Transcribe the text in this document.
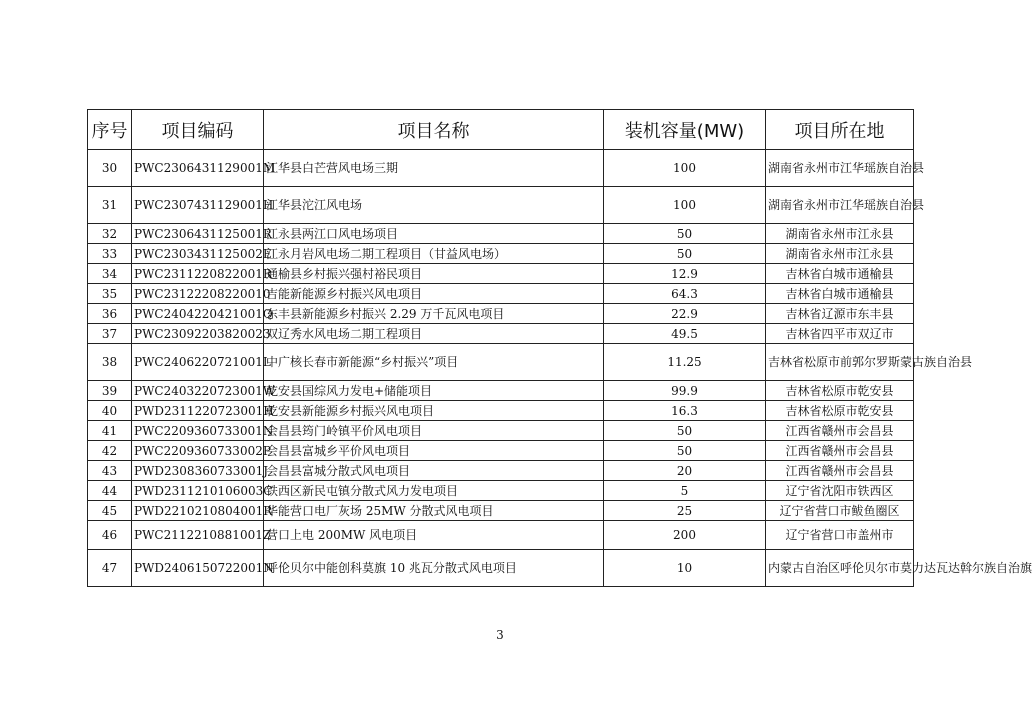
序号	项目编码	项目名称	装机容量(MW)	项目所在地
30	PWC2306431129001M	江华县白芒营风电场三期	100	湖南省永州市江华瑶族自治县
31	PWC2307431129001H	江华县沱江风电场	100	湖南省永州市江华瑶族自治县
32	PWC2306431125001R	江永县两江口风电场项目	50	湖南省永州市江永县
33	PWC2303431125002E	江永月岩风电场二期工程项目（甘益风电场）	50	湖南省永州市江永县
34	PWC2311220822001R	通榆县乡村振兴强村裕民项目	12.9	吉林省白城市通榆县
35	PWC23122208220010	吉能新能源乡村振兴风电项目	64.3	吉林省白城市通榆县
36	PWC2404220421001Q	东丰县新能源乡村振兴 2.29 万千瓦风电项目	22.9	吉林省辽源市东丰县
37	PWC23092203820023	双辽秀水风电场二期工程项目	49.5	吉林省四平市双辽市
38	PWC2406220721001L	中广核长春市新能源“乡村振兴”项目	11.25	吉林省松原市前郭尔罗斯蒙古族自治县
39	PWC2403220723001W	乾安县国综风力发电+储能项目	99.9	吉林省松原市乾安县
40	PWD2311220723001H	乾安县新能源乡村振兴风电项目	16.3	吉林省松原市乾安县
41	PWC2209360733001N	会昌县筠门岭镇平价风电项目	50	江西省赣州市会昌县
42	PWC2209360733002P	会昌县富城乡平价风电项目	50	江西省赣州市会昌县
43	PWD2308360733001J	会昌县富城分散式风电项目	20	江西省赣州市会昌县
44	PWD2311210106003C	铁西区新民屯镇分散式风力发电项目	5	辽宁省沈阳市铁西区
45	PWD2210210804001R	华能营口电厂灰场 25MW 分散式风电项目	25	辽宁省营口市鲅鱼圈区
46	PWC2112210881001Z	营口上电 200MW 风电项目	200	辽宁省营口市盖州市
47	PWD2406150722001N	呼伦贝尔中能创科莫旗 10 兆瓦分散式风电项目	10	内蒙古自治区呼伦贝尔市莫力达瓦达斡尔族自治旗
3
